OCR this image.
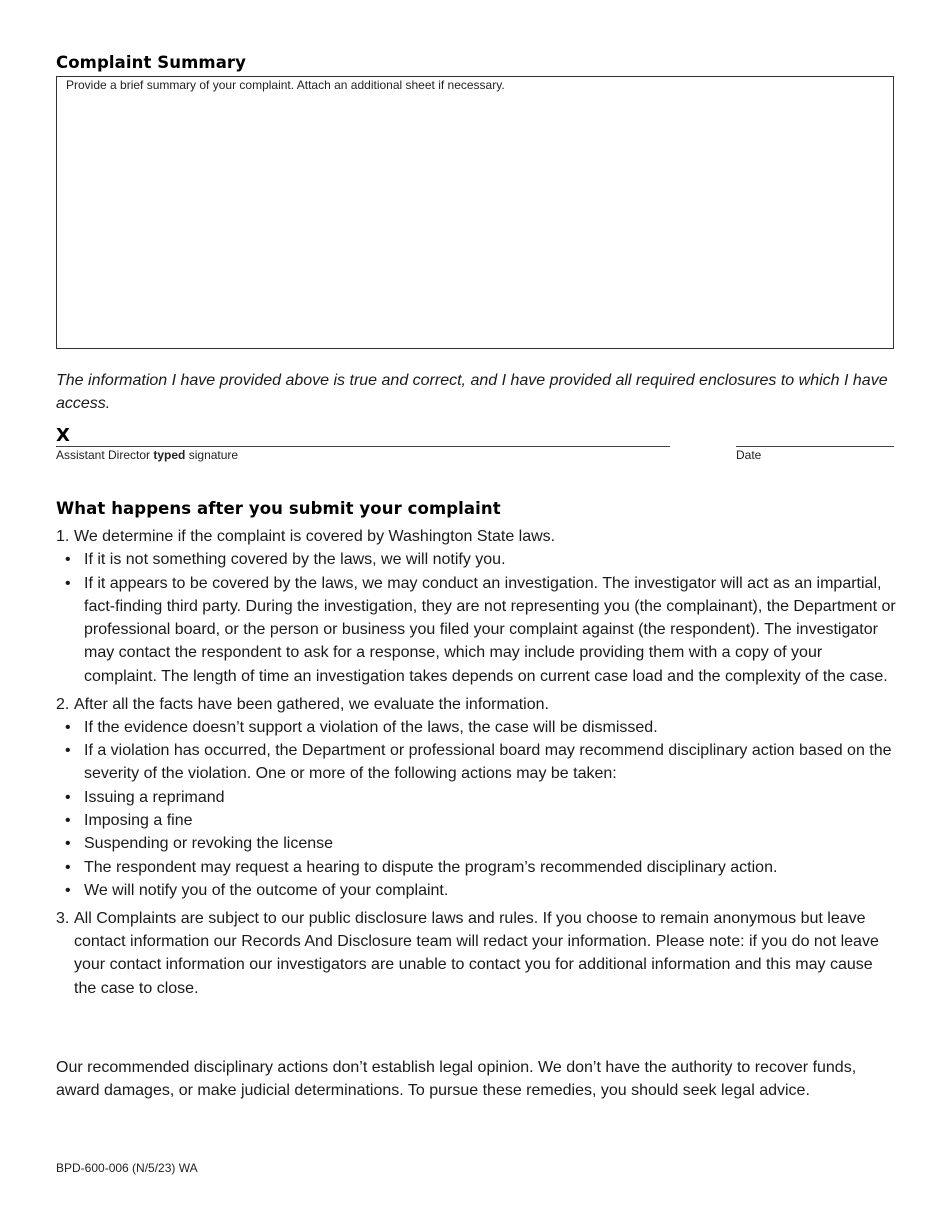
Complaint Summary
Provide a brief summary of your complaint. Attach an additional sheet if necessary.

The information I have provided above is true and correct, and I have provided all required enclosures to which I have access.

X
Assistant Director typed signature	Date
What happens after you submit your complaint
1. We determine if the complaint is covered by Washington State laws.
• If it is not something covered by the laws, we will notify you.
• If it appears to be covered by the laws, we may conduct an investigation. The investigator will act as an impartial, fact-finding third party. During the investigation, they are not representing you (the complainant), the Department or professional board, or the person or business you filed your complaint against (the respondent). The investigator may contact the respondent to ask for a response, which may include providing them with a copy of your complaint. The length of time an investigation takes depends on current case load and the complexity of the case.
2. After all the facts have been gathered, we evaluate the information.
• If the evidence doesn’t support a violation of the laws, the case will be dismissed.
• If a violation has occurred, the Department or professional board may recommend disciplinary action based on the severity of the violation. One or more of the following actions may be taken:
• Issuing a reprimand
• Imposing a fine
• Suspending or revoking the license
• The respondent may request a hearing to dispute the program’s recommended disciplinary action.
• We will notify you of the outcome of your complaint.
3. All Complaints are subject to our public disclosure laws and rules. If you choose to remain anonymous but leave contact information our Records And Disclosure team will redact your information. Please note: if you do not leave your contact information our investigators are unable to contact you for additional information and this may cause the case to close.

Our recommended disciplinary actions don’t establish legal opinion. We don’t have the authority to recover funds, award damages, or make judicial determinations. To pursue these remedies, you should seek legal advice.

BPD-600-006 (N/5/23) WA
